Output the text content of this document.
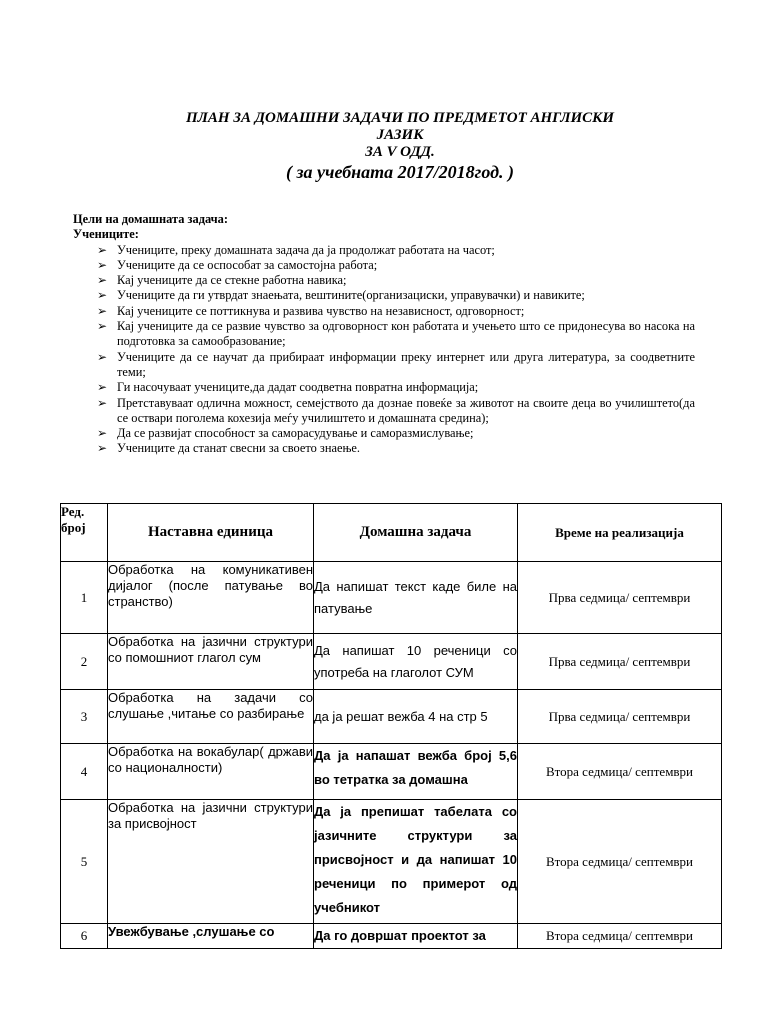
ПЛАН ЗА ДОМАШНИ ЗАДАЧИ ПО ПРЕДМЕТОТ АНГЛИСКИ
ЈАЗИК
ЗА V ОДД.
( за учебната 2017/2018год. )
Цели на домашната задача:
Учениците:
➢ Учениците, преку домашната задача да ја продолжат работата на часот;
➢ Учениците да се оспособат за самостојна работа;
➢ Кај учениците да се стекне работна навика;
➢ Учениците да ги утврдат знаењата, вештините(организациски, управувачки) и навиките;
➢ Кај учениците се поттикнува и развива чувство на независност, одговорност;
➢ Кај учениците да се развие чувство за одговорност кон работата и учењето што се придонесува во насока на подготовка за самообразование;
➢ Учениците да се научат да прибираат информации преку интернет или друга литература, за соодветните теми;
➢ Ги насочуваат учениците,да дадат соодветна повратна информација;
➢ Претставуваат одлична можност, семејството да дознае повеќе за животот на своите деца во училиштето(да се оствари поголема кохезија меѓу училиштето и домашната средина);
➢ Да се развијат способност за саморасудување и саморазмислување;
➢ Учениците да станат свесни за своето знаење.
Ред. број	Наставна единица	Домашна задача	Време на реализација
1	Обработка на комуникативен дијалог (после патување во странство)	Да напишат текст каде биле на патување	Прва седмица/ септември
2	Обработка на јазични структури со помошниот глагол сум	Да напишат 10 реченици со употреба на глаголот СУМ	Прва седмица/ септември
3	Обработка на задачи со слушање ,читање со разбирање	да ја решат вежба 4 на стр 5	Прва седмица/ септември
4	Обработка на вокабулар( држави со националности)	Да ја напашат вежба број 5,6 во тетратка за домашна	Втора седмица/ септември
5	Обработка на јазични структури за присвојност	Да ја препишат табелата со јазичните структури за присвојност и да напишат 10 реченици по примерот од учебникот	Втора седмица/ септември
6	Увежбување ,слушање со	Да го довршат проектот за	Втора седмица/ септември
